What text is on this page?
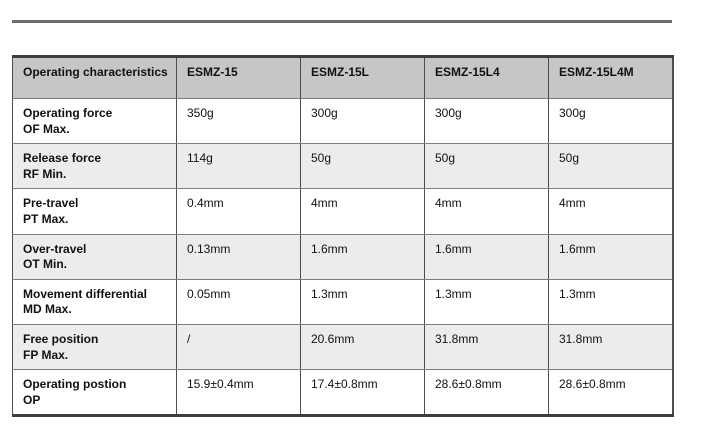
Operating characteristics	ESMZ-15	ESMZ-15L	ESMZ-15L4	ESMZ-15L4M

Operating force
OF Max.	350g	300g	300g	300g

Release force
RF Min.	114g	50g	50g	50g

Pre-travel
PT Max.	0.4mm	4mm	4mm	4mm

Over-travel
OT Min.	0.13mm	1.6mm	1.6mm	1.6mm

Movement differential
MD Max.	0.05mm	1.3mm	1.3mm	1.3mm

Free position
FP Max.	/	20.6mm	31.8mm	31.8mm

Operating postion
OP	15.9±0.4mm	17.4±0.8mm	28.6±0.8mm	28.6±0.8mm
